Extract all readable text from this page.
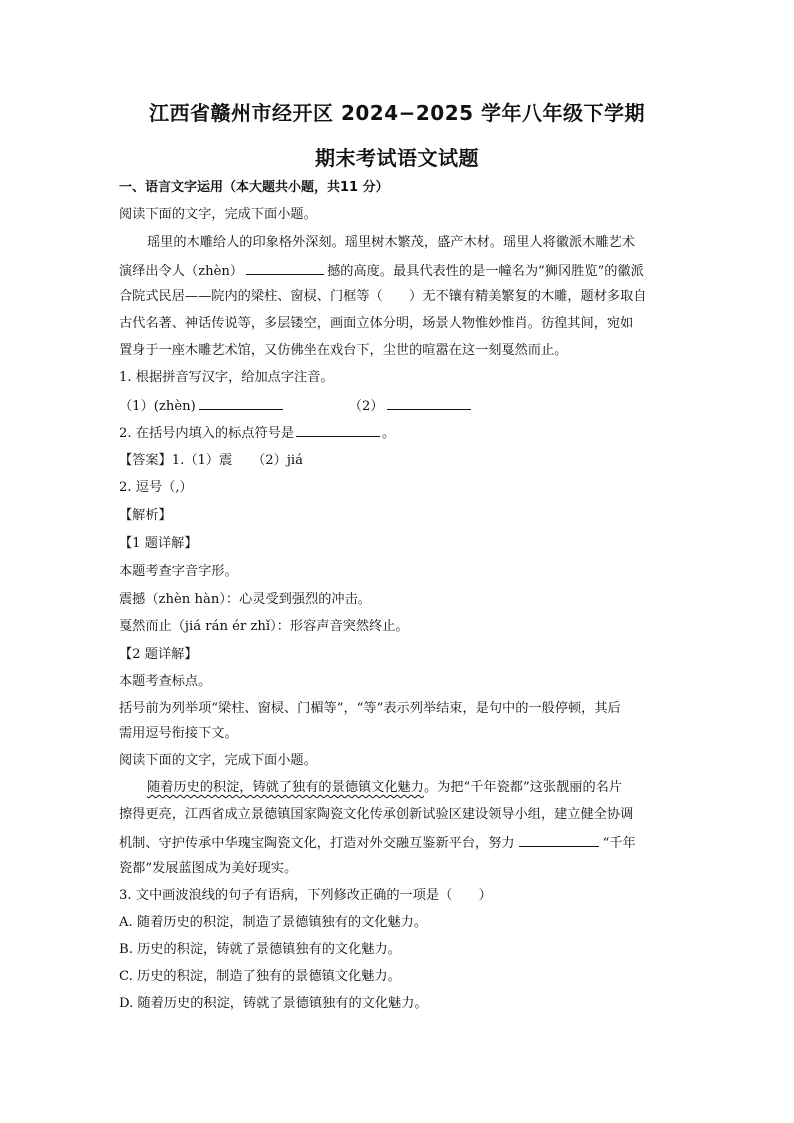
江西省赣州市经开区 2024−2025 学年八年级下学期
期末考试语文试题
一、语言文字运用（本大题共小题，共11 分）
阅读下面的文字，完成下面小题。
瑶里的木雕给人的印象格外深刻。瑶里树木繁茂，盛产木材。瑶里人将徽派木雕艺术
演绎出令人（zhèn）	撼的高度。最具代表性的是一幢名为“狮冈胜览”的徽派
合院式民居——院内的梁柱、窗棂、门框等（　　）无不镶有精美繁复的木雕，题材多取自
古代名著、神话传说等，多层镂空，画面立体分明，场景人物惟妙惟肖。彷徨其间，宛如
置身于一座木雕艺术馆，又仿佛坐在戏台下，尘世的喧嚣在这一刻戛然而止。
1. 根据拼音写汉字，给加点字注音。
（1）(zhèn)	（2）
2. 在括号内填入的标点符号是	。
【答案】1.（1）震　　（2）jiá
2. 逗号（,）
【解析】
【1 题详解】
本题考查字音字形。
震撼（zhèn hàn）：心灵受到强烈的冲击。
戛然而止（jiá rán ér zhǐ）：形容声音突然终止。
【2 题详解】
本题考查标点。
括号前为列举项“梁柱、窗棂、门楣等”，“等”表示列举结束，是句中的一般停顿，其后
需用逗号衔接下文。
阅读下面的文字，完成下面小题。
随着历史的积淀，铸就了独有的景德镇文化魅力。为把“千年瓷都”这张靓丽的名片
擦得更亮，江西省成立景德镇国家陶瓷文化传承创新试验区建设领导小组，建立健全协调
机制、守护传承中华瑰宝陶瓷文化，打造对外交融互鉴新平台，努力	“千年
瓷都”发展蓝图成为美好现实。
3. 文中画波浪线的句子有语病，下列修改正确的一项是（　　）
A. 随着历史的积淀，制造了景德镇独有的文化魅力。
B. 历史的积淀，铸就了景德镇独有的文化魅力。
C. 历史的积淀，制造了独有的景德镇文化魅力。
D. 随着历史的积淀，铸就了景德镇独有的文化魅力。
